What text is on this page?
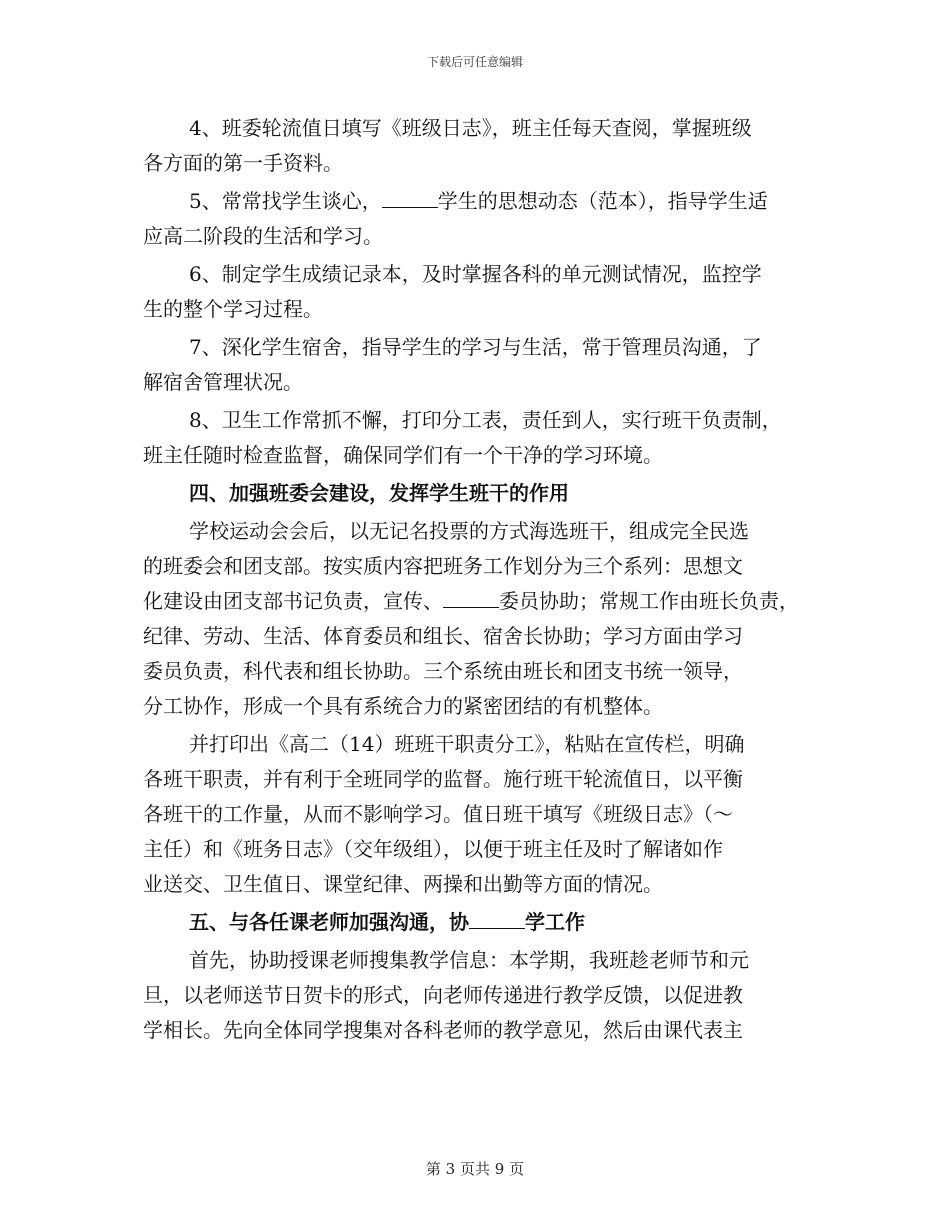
下载后可任意编辑
4、班委轮流值日填写《班级日志》，班主任每天查阅，掌握班级
各方面的第一手资料。
5、常常找学生谈心，	学生的思想动态（范本），指导学生适
应高二阶段的生活和学习。
6、制定学生成绩记录本，及时掌握各科的单元测试情况，监控学
生的整个学习过程。
7、深化学生宿舍，指导学生的学习与生活，常于管理员沟通，了
解宿舍管理状况。
8、卫生工作常抓不懈，打印分工表，责任到人，实行班干负责制，
班主任随时检查监督，确保同学们有一个干净的学习环境。
四、加强班委会建设，发挥学生班干的作用
学校运动会会后，以无记名投票的方式海选班干，组成完全民选
的班委会和团支部。按实质内容把班务工作划分为三个系列：思想文
化建设由团支部书记负责，宣传、	委员协助；常规工作由班长负责，
纪律、劳动、生活、体育委员和组长、宿舍长协助；学习方面由学习
委员负责，科代表和组长协助。三个系统由班长和团支书统一领导，
分工协作，形成一个具有系统合力的紧密团结的有机整体。
并打印出《高二（14）班班干职责分工》，粘贴在宣传栏，明确
各班干职责，并有利于全班同学的监督。施行班干轮流值日，以平衡
各班干的工作量，从而不影响学习。值日班干填写《班级日志》（～
主任）和《班务日志》（交年级组），以便于班主任及时了解诸如作
业送交、卫生值日、课堂纪律、两操和出勤等方面的情况。
五、与各任课老师加强沟通，协	学工作
首先，协助授课老师搜集教学信息：本学期，我班趁老师节和元
旦，以老师送节日贺卡的形式，向老师传递进行教学反馈，以促进教
学相长。先向全体同学搜集对各科老师的教学意见，然后由课代表主
第 3 页共 9 页
